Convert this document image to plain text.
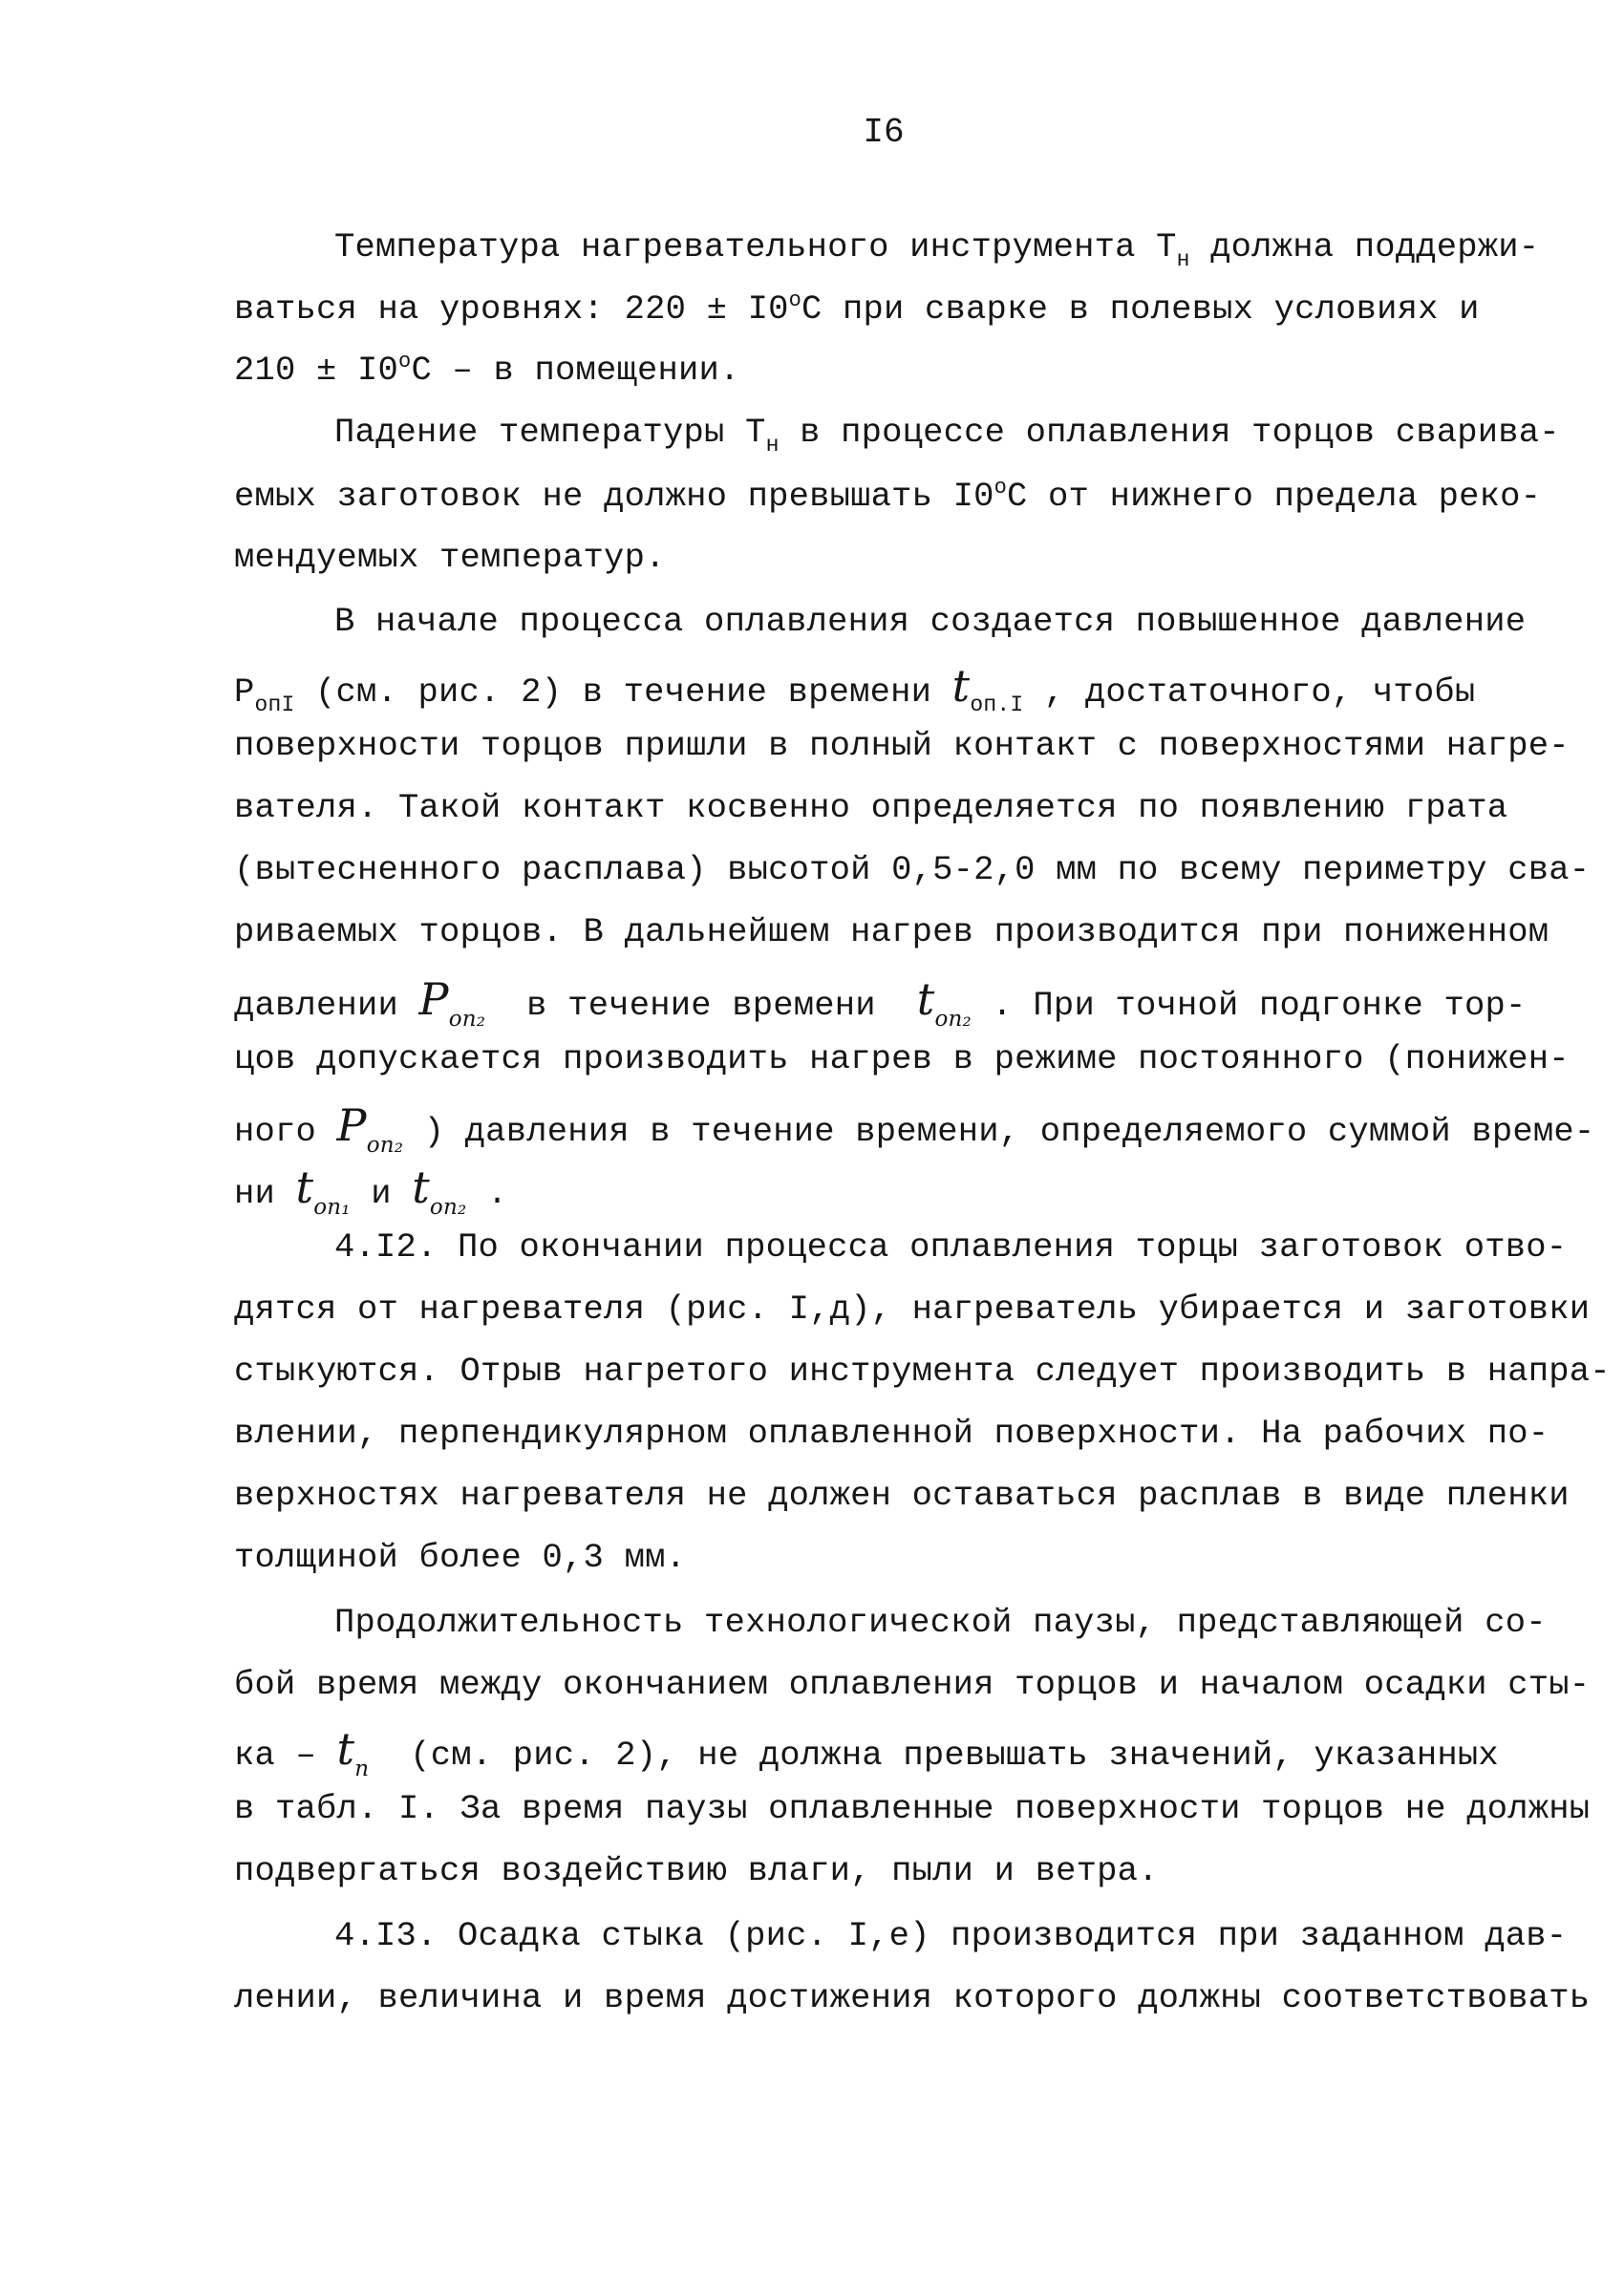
I6
Температура нагревательного инструмента $Т_н$ должна поддержи-
ваться на уровнях: $220 \pm I0^оС$ при сварке в полевых условиях и
$210 \pm I0^оС - в$ помещении.
Падение температуры $Т_н$ в процессе оплавления торцов сварива-
емых заготовок не должно превышать $I0^оС$ от нижнего предела реко-
мендуемых температур.
В начале процесса оплавления создается повышенное давление
$Р_{опI}$ (см. рис. 2) в течение времени $t_{оп.I}$ , достаточного, чтобы
поверхности торцов пришли в полный контакт с поверхностями нагре-
вателя. Такой контакт косвенно определяется по появлению грата
(вытесненного расплава) высотой 0,5-2,0 мм по всему периметру сва-
риваемых торцов. В дальнейшем нагрев производится при пониженном
давлении $P_{оп_2}$  в течение времени  $t_{оп_2}$ . При точной подгонке тор-
цов допускается производить нагрев в режиме постоянного (понижен-
ного $P_{оп_2}$ ) давления в течение времени, определяемого суммой време-
ни $t_{оп_1}$ и $t_{оп_2}$ .
4.I2. По окончании процесса оплавления торцы заготовок отво-
дятся от нагревателя (рис. I,д), нагреватель убирается и заготовки
стыкуются. Отрыв нагретого инструмента следует производить в напра-
влении, перпендикулярном оплавленной поверхности. На рабочих по-
верхностях нагревателя не должен оставаться расплав в виде пленки
толщиной более 0,3 мм.
Продолжительность технологической паузы, представляющей со-
бой время между окончанием оплавления торцов и началом осадки сты-
ка – $t_п$  (см. рис. 2), не должна превышать значений, указанных
в табл. I. За время паузы оплавленные поверхности торцов не должны
подвергаться воздействию влаги, пыли и ветра.
4.I3. Осадка стыка (рис. I,е) производится при заданном дав-
лении, величина и время достижения которого должны соответствовать
